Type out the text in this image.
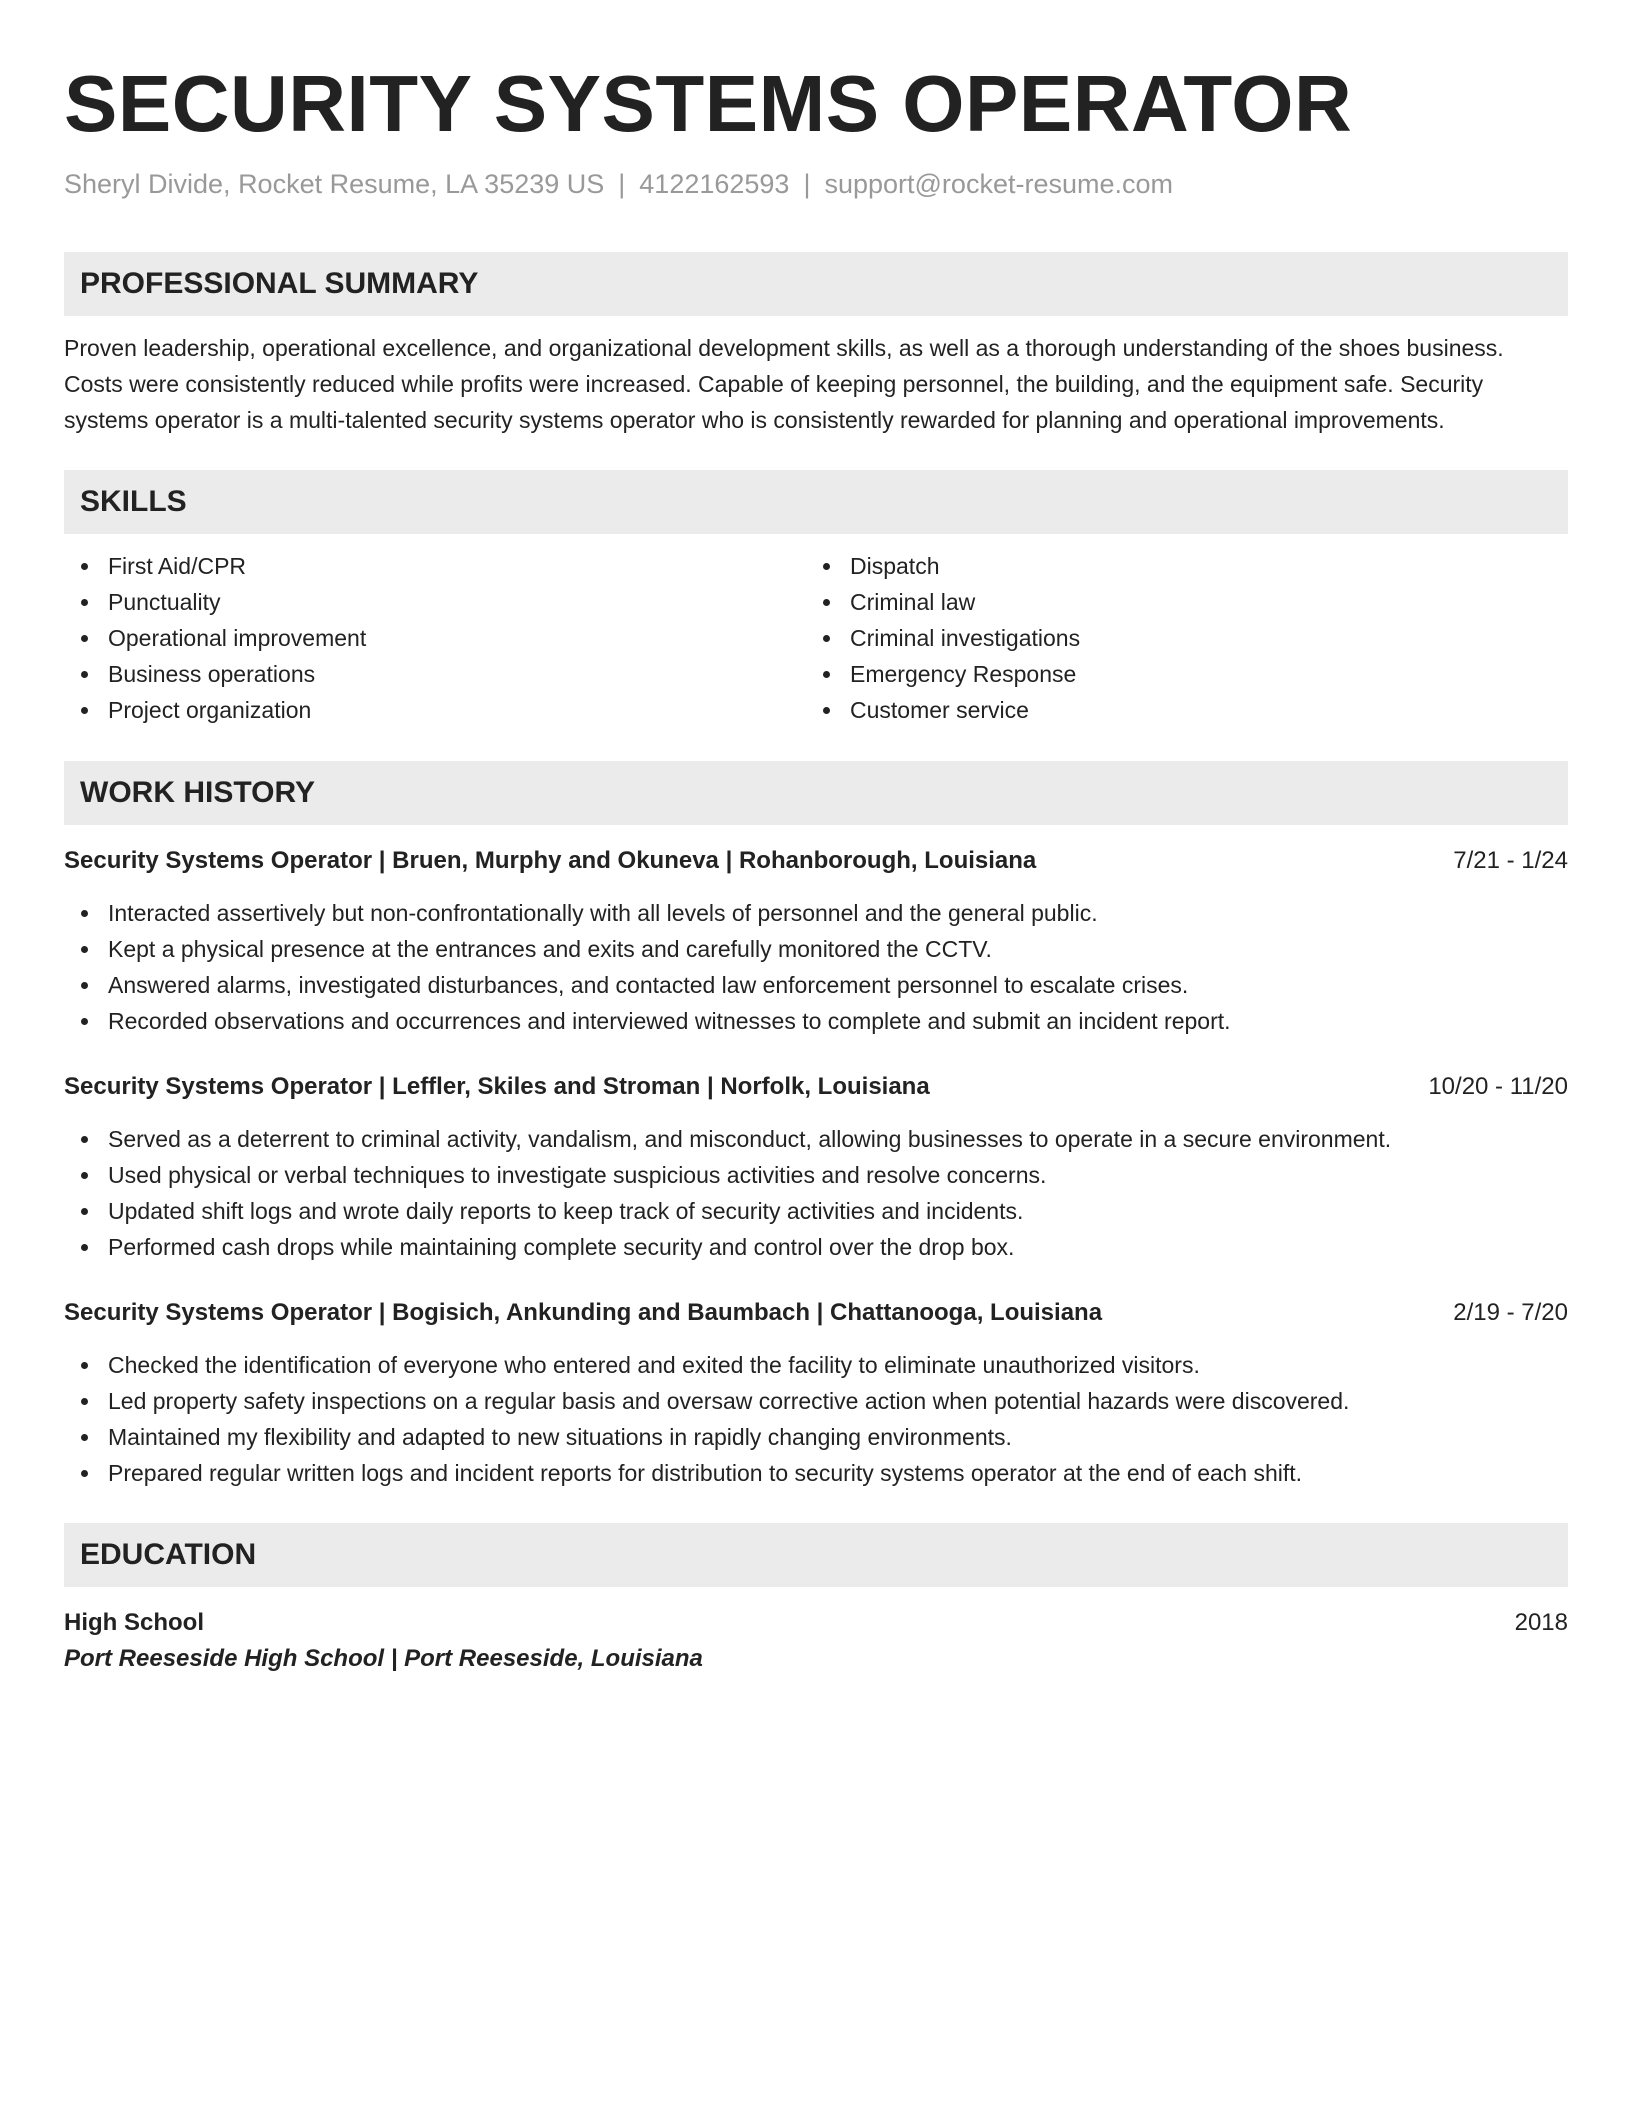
SECURITY SYSTEMS OPERATOR
Sheryl Divide, Rocket Resume, LA 35239 US | 4122162593 | support@rocket-resume.com
PROFESSIONAL SUMMARY
Proven leadership, operational excellence, and organizational development skills, as well as a thorough understanding of the shoes business. Costs were consistently reduced while profits were increased. Capable of keeping personnel, the building, and the equipment safe. Security systems operator is a multi-talented security systems operator who is consistently rewarded for planning and operational improvements.
SKILLS
First Aid/CPR
Punctuality
Operational improvement
Business operations
Project organization
Dispatch
Criminal law
Criminal investigations
Emergency Response
Customer service
WORK HISTORY
Security Systems Operator | Bruen, Murphy and Okuneva | Rohanborough, Louisiana	7/21 - 1/24
Interacted assertively but non-confrontationally with all levels of personnel and the general public.
Kept a physical presence at the entrances and exits and carefully monitored the CCTV.
Answered alarms, investigated disturbances, and contacted law enforcement personnel to escalate crises.
Recorded observations and occurrences and interviewed witnesses to complete and submit an incident report.
Security Systems Operator | Leffler, Skiles and Stroman | Norfolk, Louisiana	10/20 - 11/20
Served as a deterrent to criminal activity, vandalism, and misconduct, allowing businesses to operate in a secure environment.
Used physical or verbal techniques to investigate suspicious activities and resolve concerns.
Updated shift logs and wrote daily reports to keep track of security activities and incidents.
Performed cash drops while maintaining complete security and control over the drop box.
Security Systems Operator | Bogisich, Ankunding and Baumbach | Chattanooga, Louisiana	2/19 - 7/20
Checked the identification of everyone who entered and exited the facility to eliminate unauthorized visitors.
Led property safety inspections on a regular basis and oversaw corrective action when potential hazards were discovered.
Maintained my flexibility and adapted to new situations in rapidly changing environments.
Prepared regular written logs and incident reports for distribution to security systems operator at the end of each shift.
EDUCATION
High School	2018
Port Reeseside High School | Port Reeseside, Louisiana
